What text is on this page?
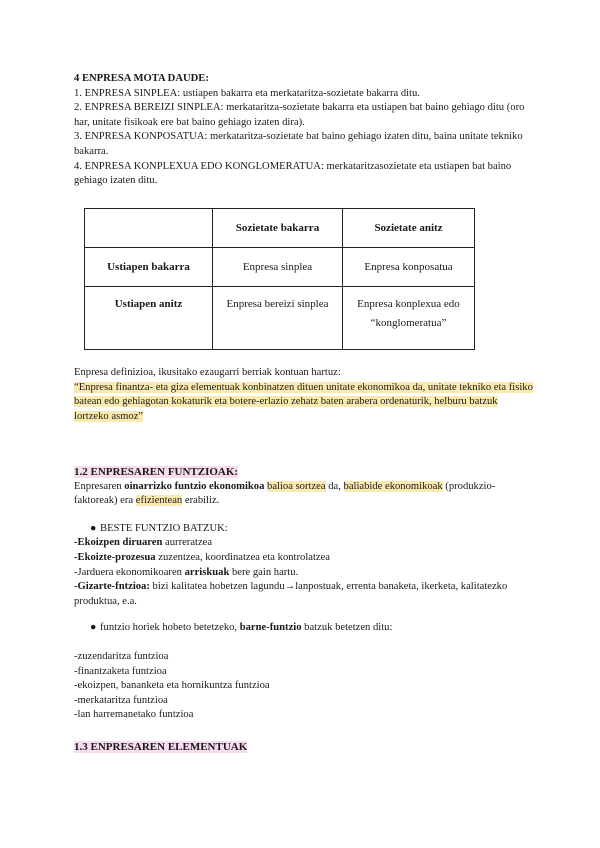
4 ENPRESA MOTA DAUDE:

1. ENPRESA SINPLEA: ustiapen bakarra eta merkataritza-sozietate bakarra ditu.

2. ENPRESA BEREIZI SINPLEA: merkataritza-sozietate bakarra eta ustiapen bat baino gehiago ditu (oro har, unitate fisikoak ere bat baino gehiago izaten dira).

3. ENPRESA KONPOSATUA: merkataritza-sozietate bat baino gehiago izaten ditu, baina unitate tekniko bakarra.

4. ENPRESA KONPLEXUA EDO KONGLOMERATUA: merkataritzasozietate eta ustiapen bat baino gehiago izaten ditu.

	Sozietate bakarra	Sozietate anitz
Ustiapen bakarra	Enpresa sinplea	Enpresa konposatua
Ustiapen anitz	Enpresa bereizi sinplea	Enpresa konplexua edo “konglomeratua”

Enpresa definizioa, ikusitako ezaugarri berriak kontuan hartuz:

“Enpresa finantza- eta giza elementuak konbinatzen dituen unitate ekonomikoa da, unitate tekniko eta fisiko batean edo gehiagotan kokaturik eta botere-erlazio zehatz baten arabera ordenaturik, helburu batzuk lortzeko asmoz”

1.2 ENPRESAREN FUNTZIOAK:

Enpresaren oinarrizko funtzio ekonomikoa balioa sortzea da, baliabide ekonomikoak (produkzio- faktoreak) era efizientean erabiliz.

● BESTE FUNTZIO BATZUK:

-Ekoizpen diruaren aurreratzea

-Ekoizte-prozesua zuzentzea, koordinatzea eta kontrolatzea

-Jarduera ekonomikoaren arriskuak bere gain hartu.

-Gizarte-fntzioa: bizi kalitatea hobetzen lagundu→lanpostuak, errenta banaketa, ikerketa, kalitatezko produktua, e.a.

● funtzio horiek hobeto betetzeko, barne-funtzio batzuk betetzen ditu:

-zuzendaritza funtzioa

-finantzaketa funtzioa

-ekoizpen, bananketa eta hornikuntza funtzioa

-merkataritza funtzioa

-lan harremanetako funtzioa

1.3 ENPRESAREN ELEMENTUAK
